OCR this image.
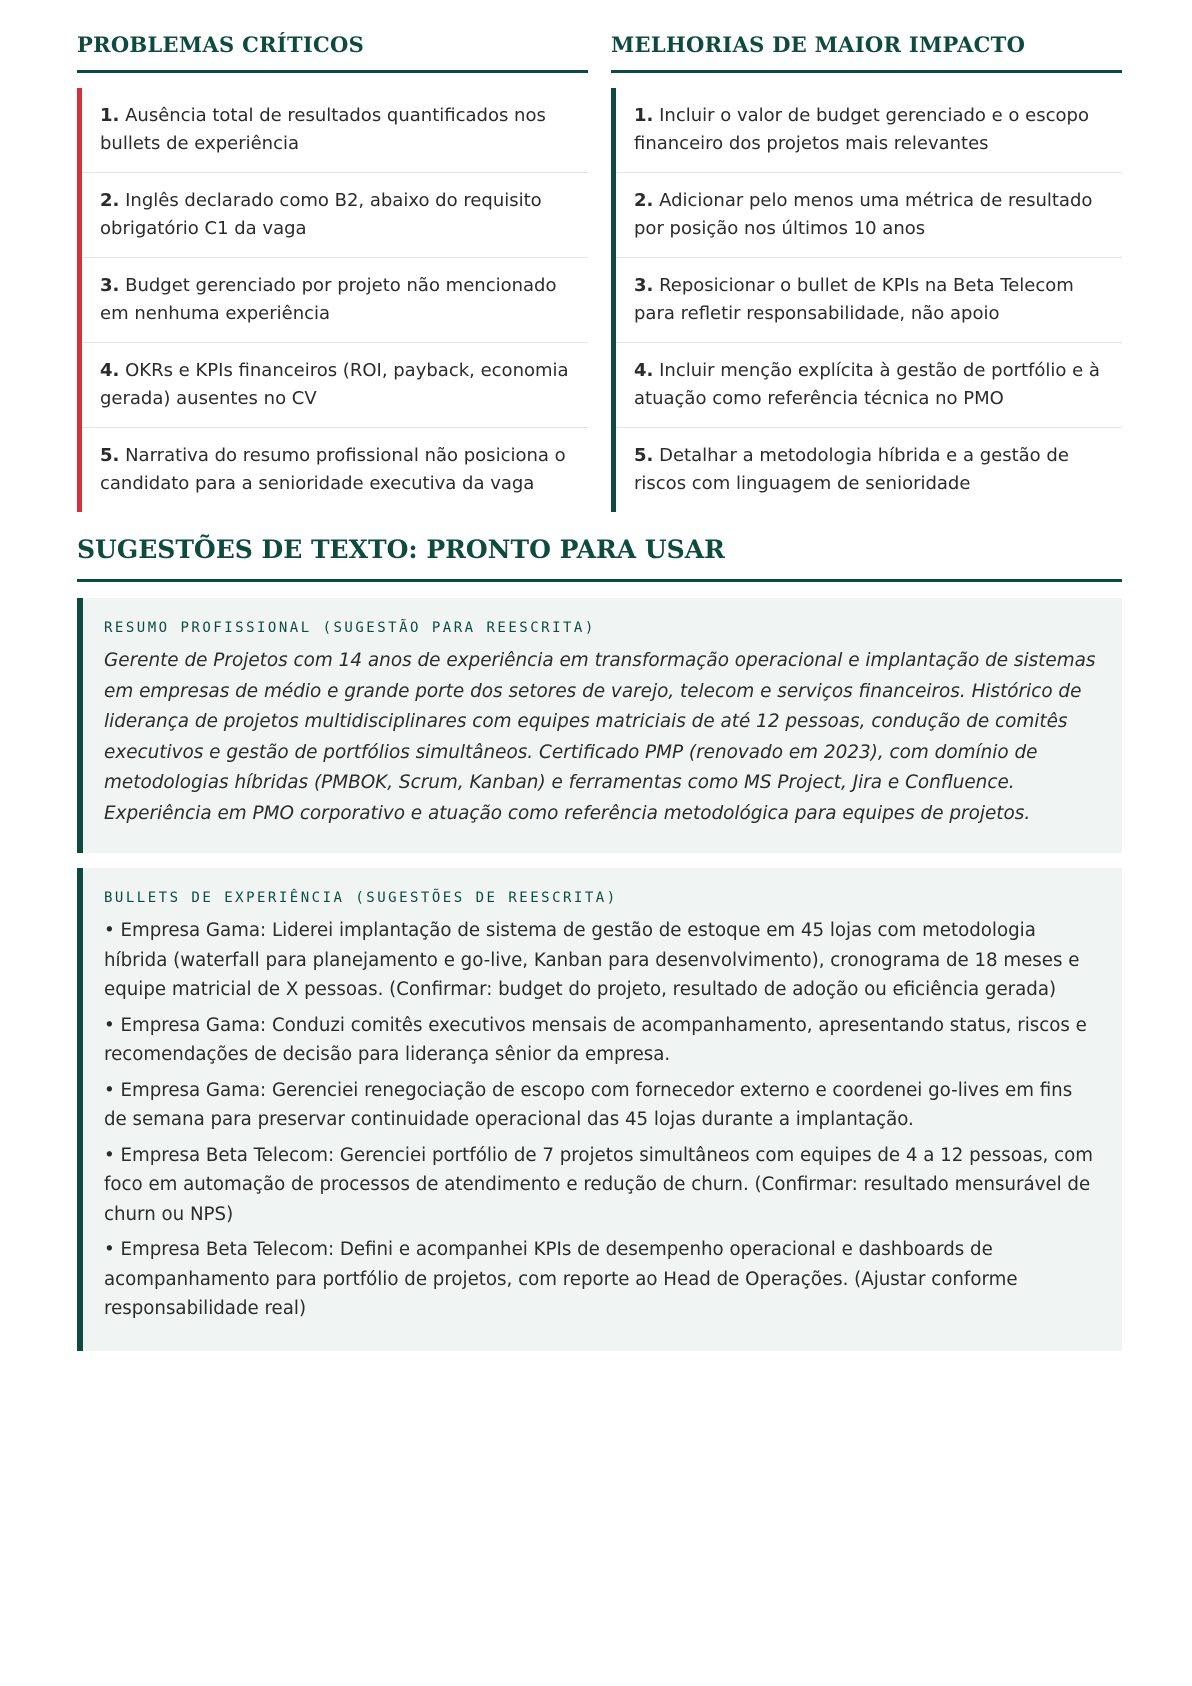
PROBLEMAS CRÍTICOS
1. Ausência total de resultados quantificados nos bullets de experiência
2. Inglês declarado como B2, abaixo do requisito obrigatório C1 da vaga
3. Budget gerenciado por projeto não mencionado em nenhuma experiência
4. OKRs e KPIs financeiros (ROI, payback, economia gerada) ausentes no CV
5. Narrativa do resumo profissional não posiciona o candidato para a senioridade executiva da vaga
MELHORIAS DE MAIOR IMPACTO
1. Incluir o valor de budget gerenciado e o escopo financeiro dos projetos mais relevantes
2. Adicionar pelo menos uma métrica de resultado por posição nos últimos 10 anos
3. Reposicionar o bullet de KPIs na Beta Telecom para refletir responsabilidade, não apoio
4. Incluir menção explícita à gestão de portfólio e à atuação como referência técnica no PMO
5. Detalhar a metodologia híbrida e a gestão de riscos com linguagem de senioridade
SUGESTÕES DE TEXTO: PRONTO PARA USAR
RESUMO PROFISSIONAL (SUGESTÃO PARA REESCRITA)
Gerente de Projetos com 14 anos de experiência em transformação operacional e implantação de sistemas em empresas de médio e grande porte dos setores de varejo, telecom e serviços financeiros. Histórico de liderança de projetos multidisciplinares com equipes matriciais de até 12 pessoas, condução de comitês executivos e gestão de portfólios simultâneos. Certificado PMP (renovado em 2023), com domínio de metodologias híbridas (PMBOK, Scrum, Kanban) e ferramentas como MS Project, Jira e Confluence. Experiência em PMO corporativo e atuação como referência metodológica para equipes de projetos.
BULLETS DE EXPERIÊNCIA (SUGESTÕES DE REESCRITA)
• Empresa Gama: Liderei implantação de sistema de gestão de estoque em 45 lojas com metodologia híbrida (waterfall para planejamento e go-live, Kanban para desenvolvimento), cronograma de 18 meses e equipe matricial de X pessoas. (Confirmar: budget do projeto, resultado de adoção ou eficiência gerada)
• Empresa Gama: Conduzi comitês executivos mensais de acompanhamento, apresentando status, riscos e recomendações de decisão para liderança sênior da empresa.
• Empresa Gama: Gerenciei renegociação de escopo com fornecedor externo e coordenei go-lives em fins de semana para preservar continuidade operacional das 45 lojas durante a implantação.
• Empresa Beta Telecom: Gerenciei portfólio de 7 projetos simultâneos com equipes de 4 a 12 pessoas, com foco em automação de processos de atendimento e redução de churn. (Confirmar: resultado mensurável de churn ou NPS)
• Empresa Beta Telecom: Defini e acompanhei KPIs de desempenho operacional e dashboards de acompanhamento para portfólio de projetos, com reporte ao Head de Operações. (Ajustar conforme responsabilidade real)
